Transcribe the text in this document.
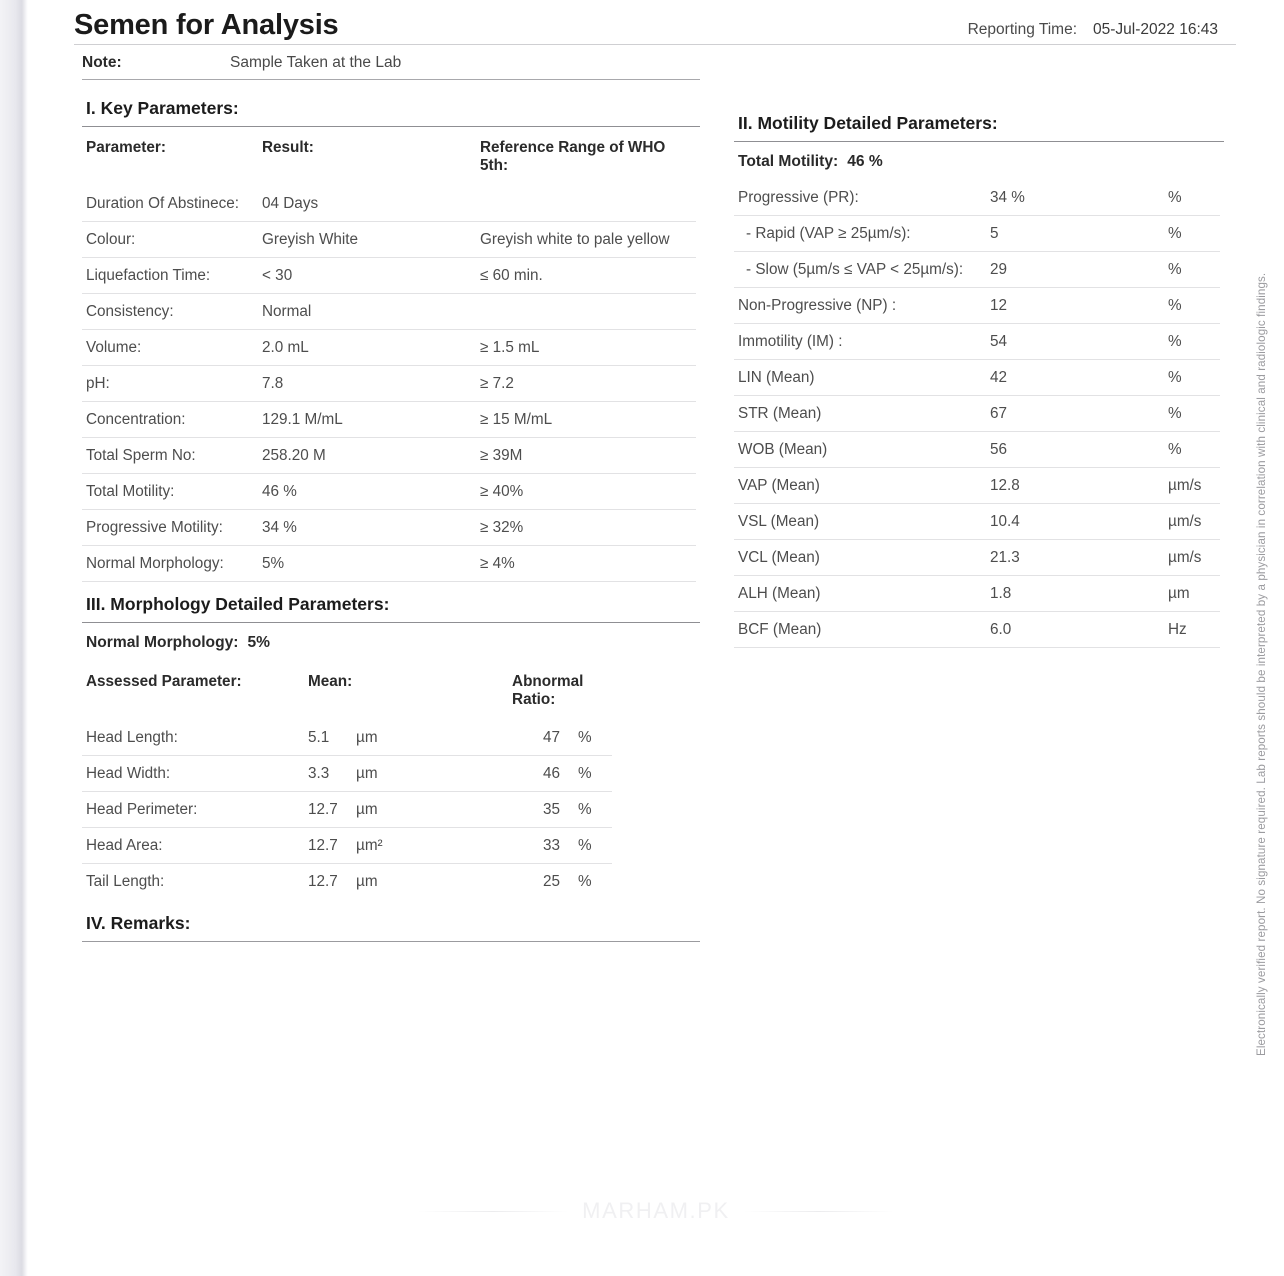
Semen for Analysis	Reporting Time: 05-Jul-2022 16:43
Note:	Sample Taken at the Lab
I. Key Parameters:
Parameter:	Result:	Reference Range of WHO 5th:
Duration Of Abstinece:	04 Days	
Colour:	Greyish White	Greyish white to pale yellow
Liquefaction Time:	< 30	≤ 60 min.
Consistency:	Normal	
Volume:	2.0 mL	≥ 1.5 mL
pH:	7.8	≥ 7.2
Concentration:	129.1 M/mL	≥ 15 M/mL
Total Sperm No:	258.20 M	≥ 39M
Total Motility:	46 %	≥ 40%
Progressive Motility:	34 %	≥ 32%
Normal Morphology:	5%	≥ 4%
III. Morphology Detailed Parameters:
Normal Morphology: 5%
Assessed Parameter:	Mean:		Abnormal Ratio:	
Head Length:	5.1	µm	47	%
Head Width:	3.3	µm	46	%
Head Perimeter:	12.7	µm	35	%
Head Area:	12.7	µm²	33	%
Tail Length:	12.7	µm	25	%
II. Motility Detailed Parameters:
Total Motility: 46 %
Progressive (PR):	34 %	%
- Rapid (VAP ≥ 25µm/s):	5	%
- Slow (5µm/s ≤ VAP < 25µm/s):	29	%
Non-Progressive (NP) :	12	%
Immotility (IM) :	54	%
LIN (Mean)	42	%
STR (Mean)	67	%
WOB (Mean)	56	%
VAP (Mean)	12.8	µm/s
VSL (Mean)	10.4	µm/s
VCL (Mean)	21.3	µm/s
ALH (Mean)	1.8	µm
BCF (Mean)	6.0	Hz
IV. Remarks:
MARHAM.PK
Electronically verified report. No signature required. Lab reports should be interpreted by a physician in correlation with clinical and radiologic findings.
